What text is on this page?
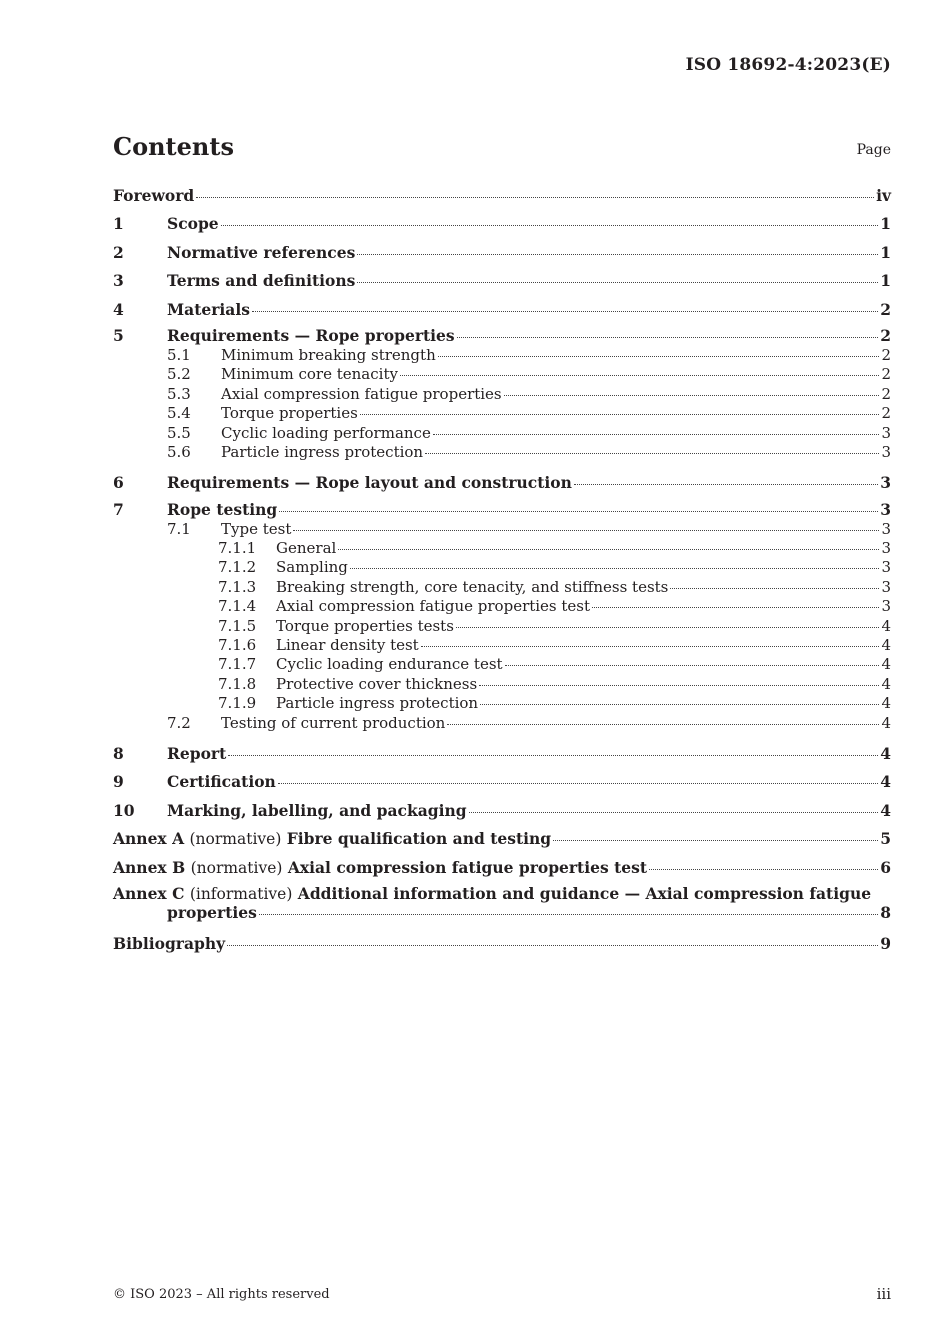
ISO 18692-4:2023(E)
Contents	Page
Foreword	iv
1	Scope	1
2	Normative references	1
3	Terms and definitions	1
4	Materials	2
5	Requirements — Rope properties	2
5.1	Minimum breaking strength	2
5.2	Minimum core tenacity	2
5.3	Axial compression fatigue properties	2
5.4	Torque properties	2
5.5	Cyclic loading performance	3
5.6	Particle ingress protection	3
6	Requirements — Rope layout and construction	3
7	Rope testing	3
7.1	Type test	3
7.1.1	General	3
7.1.2	Sampling	3
7.1.3	Breaking strength, core tenacity, and stiffness tests	3
7.1.4	Axial compression fatigue properties test	3
7.1.5	Torque properties tests	4
7.1.6	Linear density test	4
7.1.7	Cyclic loading endurance test	4
7.1.8	Protective cover thickness	4
7.1.9	Particle ingress protection	4
7.2	Testing of current production	4
8	Report	4
9	Certification	4
10	Marking, labelling, and packaging	4
Annex A (normative) Fibre qualification and testing	5
Annex B (normative) Axial compression fatigue properties test	6
Annex C (informative) Additional information and guidance — Axial compression fatigue
properties	8
Bibliography	9
© ISO 2023 – All rights reserved	iii
